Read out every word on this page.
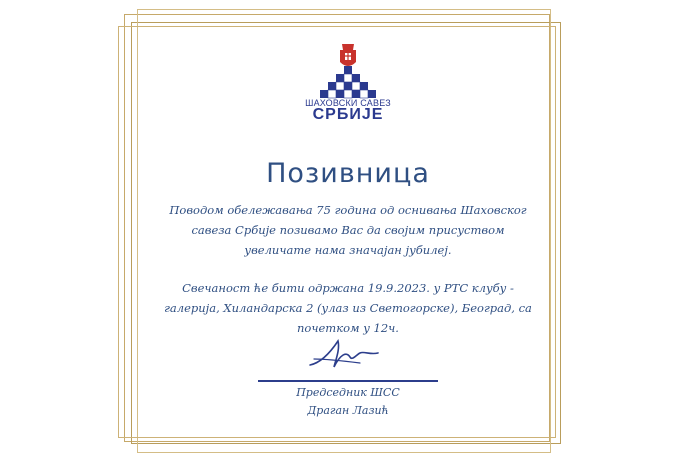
ШАХОВСКИ САВЕЗ
СРБИЈЕ
Позивница
Поводом обележавања 75 година од оснивања Шаховског савеза Србије позивамо Вас да својим присуством увеличате нама значајан јубилеј.
Свечаност ће бити одржана 19.9.2023. у РТС клубу - галерија, Хиландарска 2 (улаз из Светогорске), Београд, са почетком у 12ч.
Председник ШСС
Драган Лазић
